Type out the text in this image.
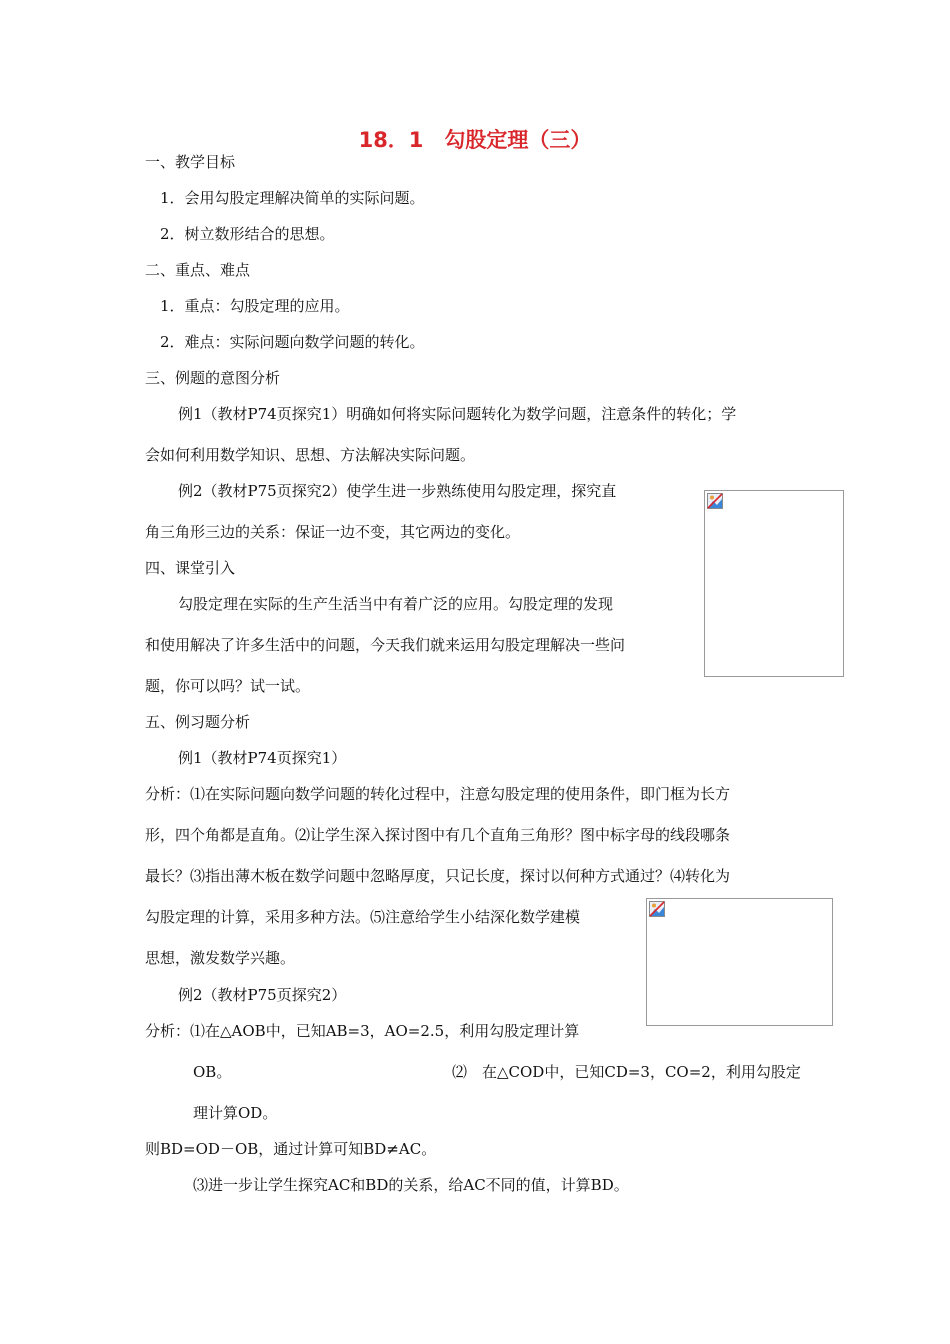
18．1　勾股定理（三）
一、教学目标
1．会用勾股定理解决简单的实际问题。
2．树立数形结合的思想。
二、重点、难点
1．重点：勾股定理的应用。
2．难点：实际问题向数学问题的转化。
三、例题的意图分析
例1（教材P74页探究1）明确如何将实际问题转化为数学问题，注意条件的转化；学
会如何利用数学知识、思想、方法解决实际问题。
例2（教材P75页探究2）使学生进一步熟练使用勾股定理，探究直
角三角形三边的关系：保证一边不变，其它两边的变化。
四、课堂引入
勾股定理在实际的生产生活当中有着广泛的应用。勾股定理的发现
和使用解决了许多生活中的问题，今天我们就来运用勾股定理解决一些问
题，你可以吗？试一试。
五、例习题分析
例1（教材P74页探究1）
分析：⑴在实际问题向数学问题的转化过程中，注意勾股定理的使用条件，即门框为长方
形，四个角都是直角。⑵让学生深入探讨图中有几个直角三角形？图中标字母的线段哪条
最长？⑶指出薄木板在数学问题中忽略厚度，只记长度，探讨以何种方式通过？⑷转化为
勾股定理的计算，采用多种方法。⑸注意给学生小结深化数学建模
思想，激发数学兴趣。
例2（教材P75页探究2）
分析：⑴在△AOB中，已知AB=3，AO=2.5，利用勾股定理计算
OB。	⑵　在△COD中，已知CD=3，CO=2，利用勾股定
理计算OD。
则BD=OD－OB，通过计算可知BD≠AC。
⑶进一步让学生探究AC和BD的关系，给AC不同的值，计算BD。
